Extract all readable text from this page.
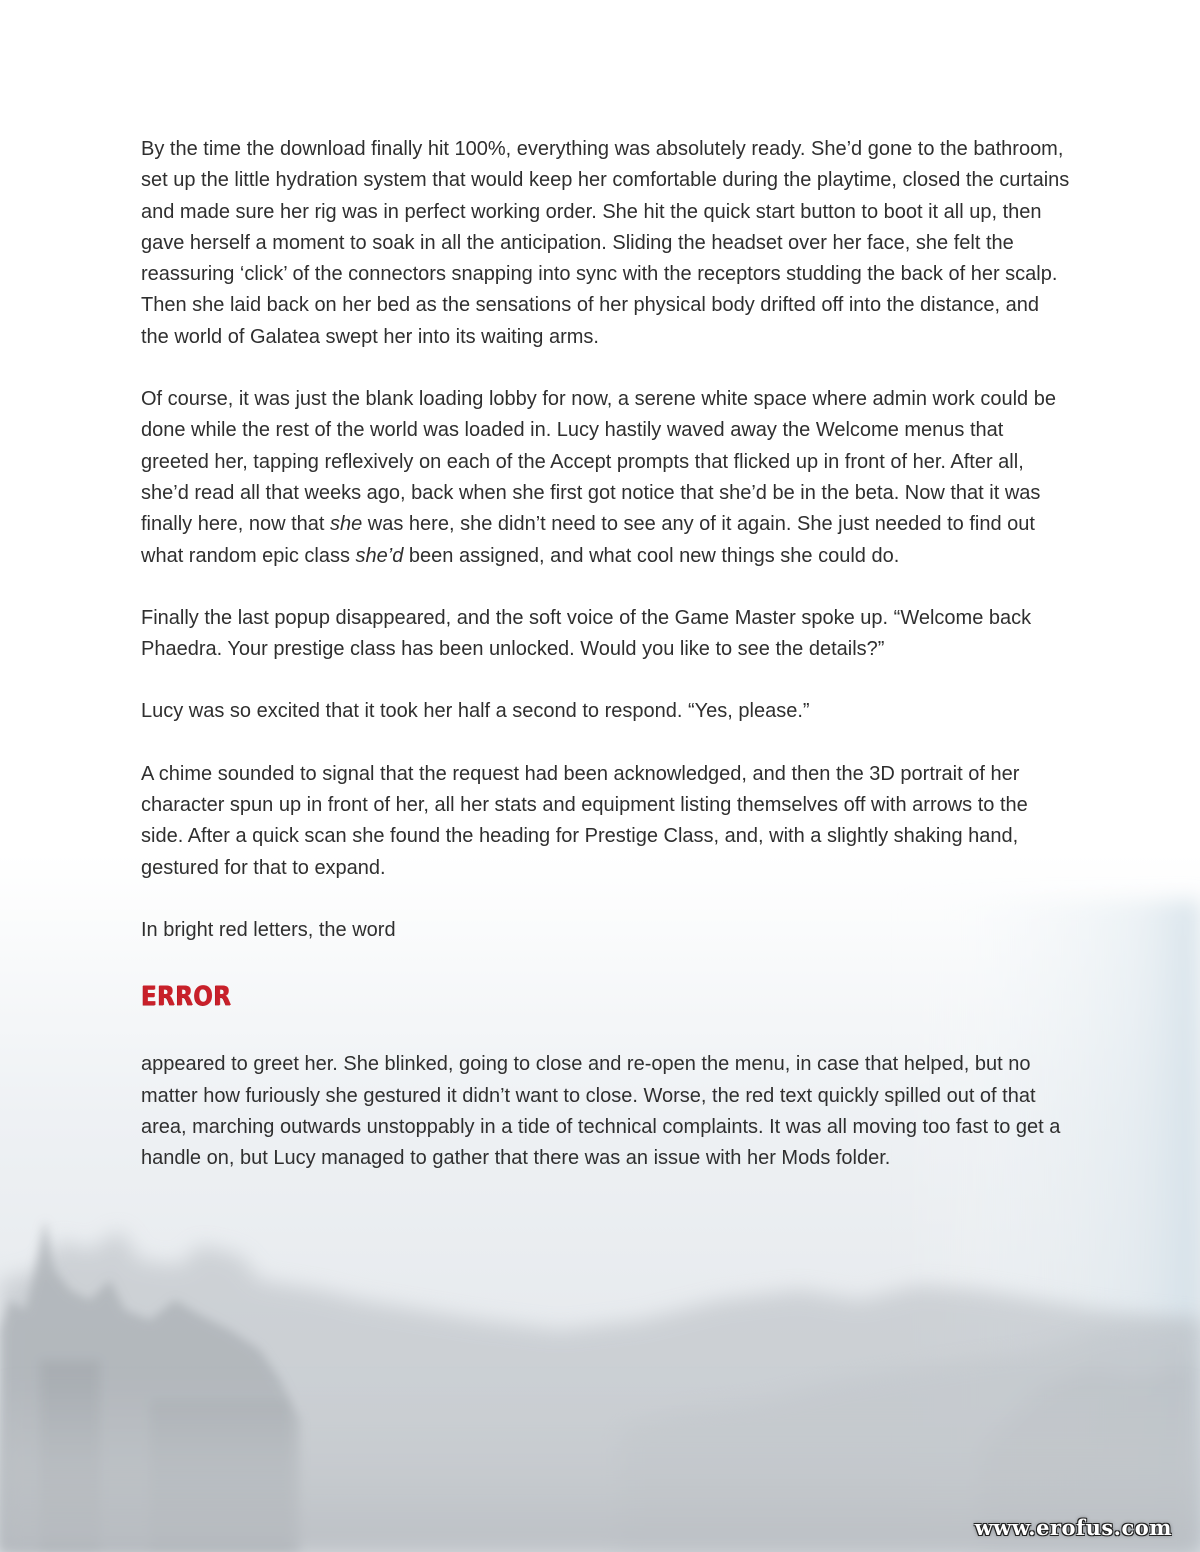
By the time the download finally hit 100%, everything was absolutely ready. She’d gone to the bathroom, set up the little hydration system that would keep her comfortable during the playtime, closed the curtains and made sure her rig was in perfect working order. She hit the quick start button to boot it all up, then gave herself a moment to soak in all the anticipation. Sliding the headset over her face, she felt the reassuring ‘click’ of the connectors snapping into sync with the receptors studding the back of her scalp. Then she laid back on her bed as the sensations of her physical body drifted off into the distance, and the world of Galatea swept her into its waiting arms.

Of course, it was just the blank loading lobby for now, a serene white space where admin work could be done while the rest of the world was loaded in. Lucy hastily waved away the Welcome menus that greeted her, tapping reflexively on each of the Accept prompts that flicked up in front of her. After all, she’d read all that weeks ago, back when she first got notice that she’d be in the beta. Now that it was finally here, now that she was here, she didn’t need to see any of it again. She just needed to find out what random epic class she’d been assigned, and what cool new things she could do.

Finally the last popup disappeared, and the soft voice of the Game Master spoke up. “Welcome back Phaedra. Your prestige class has been unlocked. Would you like to see the details?”

Lucy was so excited that it took her half a second to respond. “Yes, please.”

A chime sounded to signal that the request had been acknowledged, and then the 3D portrait of her character spun up in front of her, all her stats and equipment listing themselves off with arrows to the side. After a quick scan she found the heading for Prestige Class, and, with a slightly shaking hand, gestured for that to expand.

In bright red letters, the word

ERROR

appeared to greet her. She blinked, going to close and re-open the menu, in case that helped, but no matter how furiously she gestured it didn’t want to close. Worse, the red text quickly spilled out of that area, marching outwards unstoppably in a tide of technical complaints. It was all moving too fast to get a handle on, but Lucy managed to gather that there was an issue with her Mods folder.

www.erofus.com
